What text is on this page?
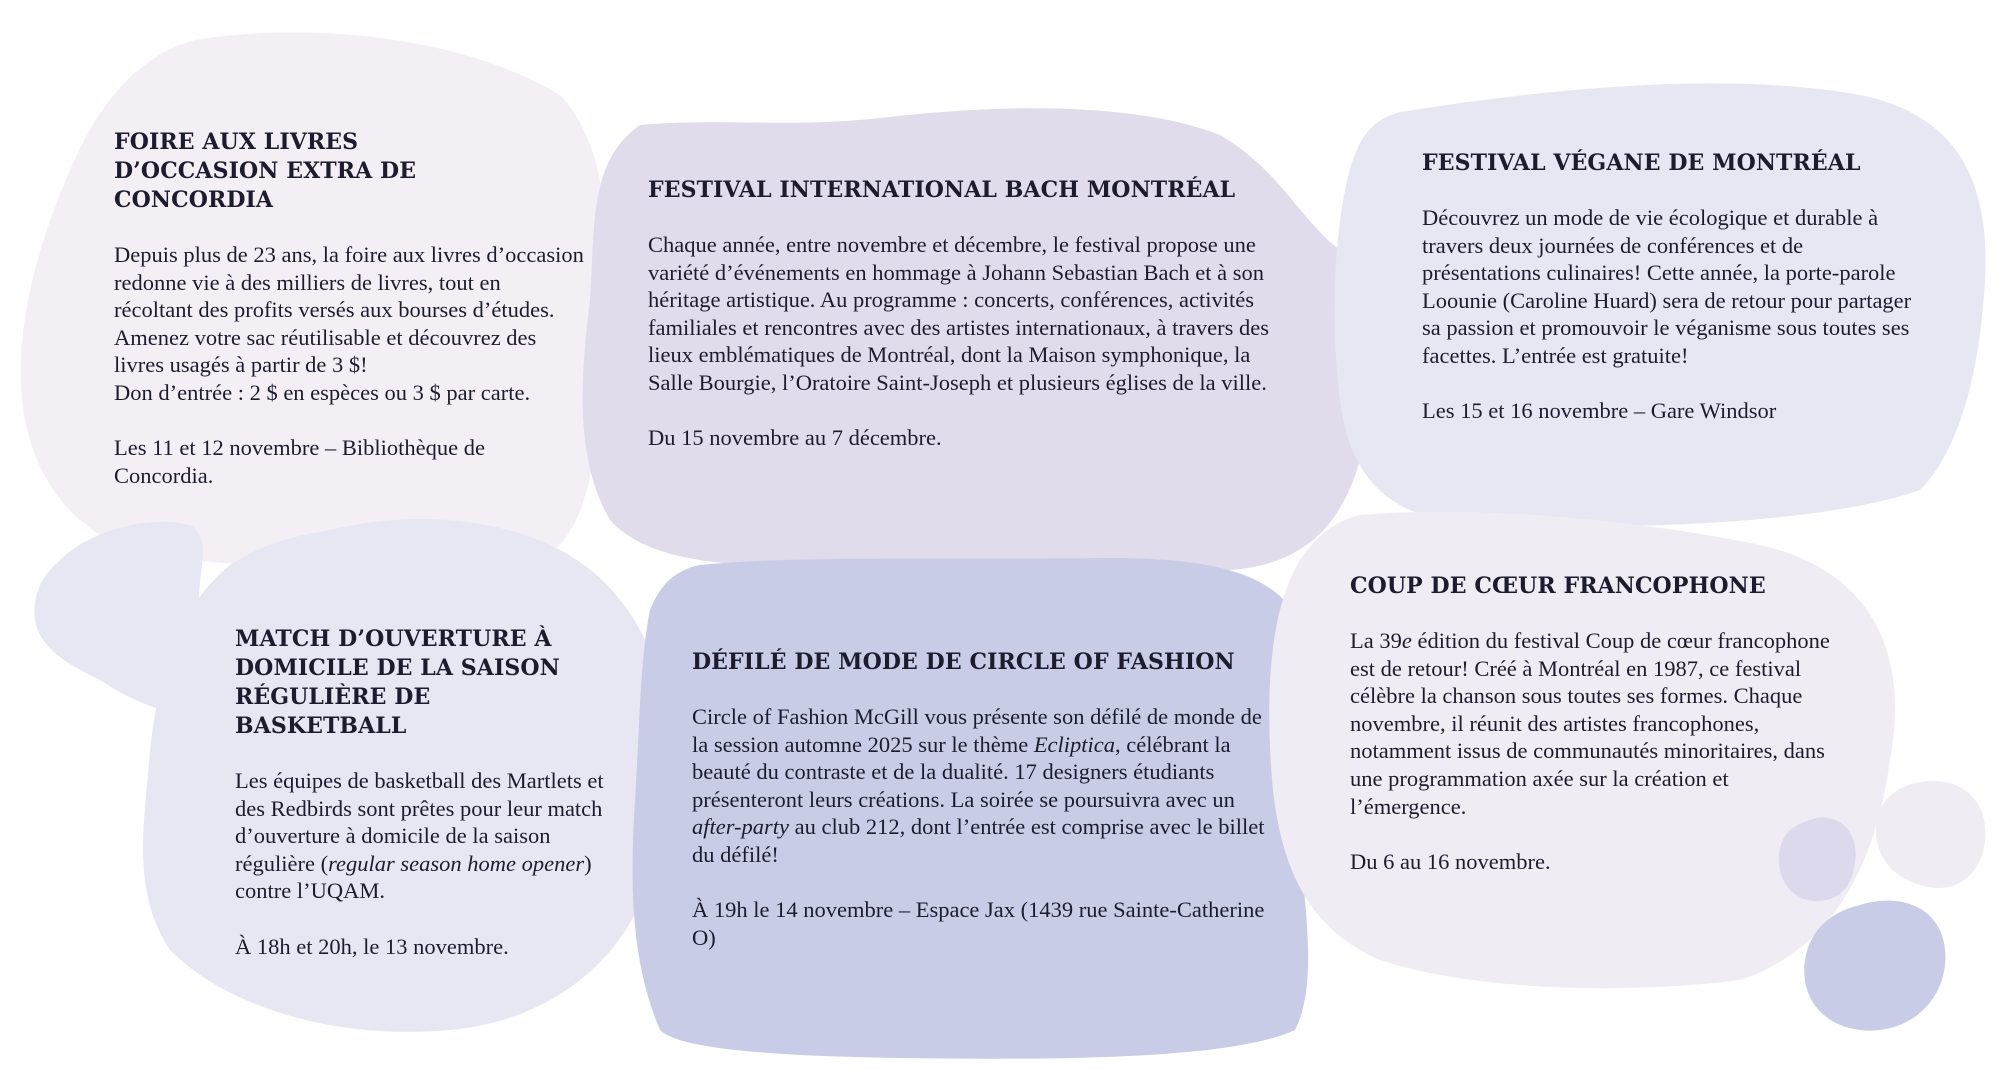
FOIRE AUX LIVRES D’OCCASION EXTRA DE CONCORDIA

Depuis plus de 23 ans, la foire aux livres d’occasion redonne vie à des milliers de livres, tout en récoltant des profits versés aux bourses d’études. Amenez votre sac réutilisable et découvrez des livres usagés à partir de 3 $!
Don d’entrée : 2 $ en espèces ou 3 $ par carte.

Les 11 et 12 novembre – Bibliothèque de Concordia.

FESTIVAL INTERNATIONAL BACH MONTRÉAL

Chaque année, entre novembre et décembre, le festival propose une variété d’événements en hommage à Johann Sebastian Bach et à son héritage artistique. Au programme : concerts, conférences, activités familiales et rencontres avec des artistes internationaux, à travers des lieux emblématiques de Montréal, dont la Maison symphonique, la Salle Bourgie, l’Oratoire Saint-Joseph et plusieurs églises de la ville.

Du 15 novembre au 7 décembre.

FESTIVAL VÉGANE DE MONTRÉAL

Découvrez un mode de vie écologique et durable à travers deux journées de conférences et de présentations culinaires! Cette année, la porte-parole Loounie (Caroline Huard) sera de retour pour partager sa passion et promouvoir le véganisme sous toutes ses facettes. L’entrée est gratuite!

Les 15 et 16 novembre – Gare Windsor

MATCH D’OUVERTURE À DOMICILE DE LA SAISON RÉGULIÈRE DE BASKETBALL

Les équipes de basketball des Martlets et des Redbirds sont prêtes pour leur match d’ouverture à domicile de la saison régulière (regular season home opener) contre l’UQAM.

À 18h et 20h, le 13 novembre.

DÉFILÉ DE MODE DE CIRCLE OF FASHION

Circle of Fashion McGill vous présente son défilé de monde de la session automne 2025 sur le thème Ecliptica, célébrant la beauté du contraste et de la dualité. 17 designers étudiants présenteront leurs créations. La soirée se poursuivra avec un after-party au club 212, dont l’entrée est comprise avec le billet du défilé!

À 19h le 14 novembre – Espace Jax (1439 rue Sainte-Catherine O)

COUP DE CŒUR FRANCOPHONE

La 39e édition du festival Coup de cœur francophone est de retour! Créé à Montréal en 1987, ce festival célèbre la chanson sous toutes ses formes. Chaque novembre, il réunit des artistes francophones, notamment issus de communautés minoritaires, dans une programmation axée sur la création et l’émergence.

Du 6 au 16 novembre.
